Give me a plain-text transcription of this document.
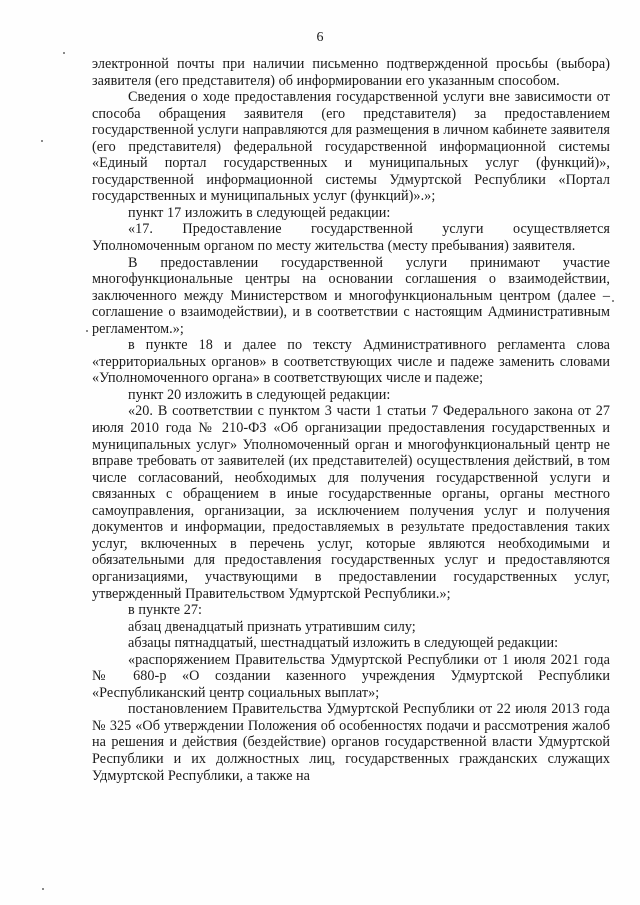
6

электронной почты при наличии письменно подтвержденной просьбы (выбора) заявителя (его представителя) об информировании его указанным способом.

Сведения о ходе предоставления государственной услуги вне зависимости от способа обращения заявителя (его представителя) за предоставлением государственной услуги направляются для размещения в личном кабинете заявителя (его представителя) федеральной государственной информационной системы «Единый портал государственных и муниципальных услуг (функций)», государственной информационной системы Удмуртской Республики «Портал государственных и муниципальных услуг (функций)».»;

пункт 17 изложить в следующей редакции:

«17. Предоставление государственной услуги осуществляется Уполномоченным органом по месту жительства (месту пребывания) заявителя.

В предоставлении государственной услуги принимают участие многофункциональные центры на основании соглашения о взаимодействии, заключенного между Министерством и многофункциональным центром (далее – соглашение о взаимодействии), и в соответствии с настоящим Административным регламентом.»;

в пункте 18 и далее по тексту Административного регламента слова «территориальных органов» в соответствующих числе и падеже заменить словами «Уполномоченного органа» в соответствующих числе и падеже;

пункт 20 изложить в следующей редакции:

«20. В соответствии с пунктом 3 части 1 статьи 7 Федерального закона от 27 июля 2010 года № 210-ФЗ «Об организации предоставления государственных и муниципальных услуг» Уполномоченный орган и многофункциональный центр не вправе требовать от заявителей (их представителей) осуществления действий, в том числе согласований, необходимых для получения государственной услуги и связанных с обращением в иные государственные органы, органы местного самоуправления, организации, за исключением получения услуг и получения документов и информации, предоставляемых в результате предоставления таких услуг, включенных в перечень услуг, которые являются необходимыми и обязательными для предоставления государственных услуг и предоставляются организациями, участвующими в предоставлении государственных услуг, утвержденный Правительством Удмуртской Республики.»;

в пункте 27:

абзац двенадцатый признать утратившим силу;

абзацы пятнадцатый, шестнадцатый изложить в следующей редакции:

«распоряжением Правительства Удмуртской Республики от 1 июля 2021 года № 680-р «О создании казенного учреждения Удмуртской Республики «Республиканский центр социальных выплат»;

постановлением Правительства Удмуртской Республики от 22 июля 2013 года № 325 «Об утверждении Положения об особенностях подачи и рассмотрения жалоб на решения и действия (бездействие) органов государственной власти Удмуртской Республики и их должностных лиц, государственных гражданских служащих Удмуртской Республики, а также на
